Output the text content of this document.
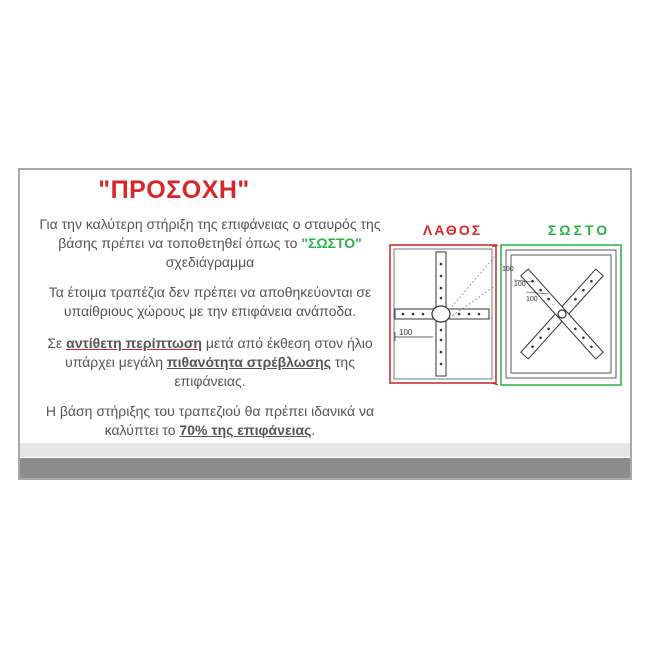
"ΠΡΟΣΟΧΗ"

Για την καλύτερη στήριξη της επιφάνειας ο σταυρός της βάσης πρέπει να τοποθετηθεί όπως το "ΣΩΣΤΟ" σχεδιάγραμμα

Τα έτοιμα τραπέζια δεν πρέπει να αποθηκεύονται σε υπαίθριους χώρους με την επιφάνεια ανάποδα.

Σε αντίθετη περίπτωση μετά από έκθεση στον ήλιο υπάρχει μεγάλη πιθανότητα στρέβλωσης της επιφάνειας.

Η βάση στήριξης του τραπεζιού θα πρέπει ιδανικά να καλύπτει το 70% της επιφάνειας.

ΛΑΘΟΣ	ΣΩΣΤΟ
100
100
100
100
